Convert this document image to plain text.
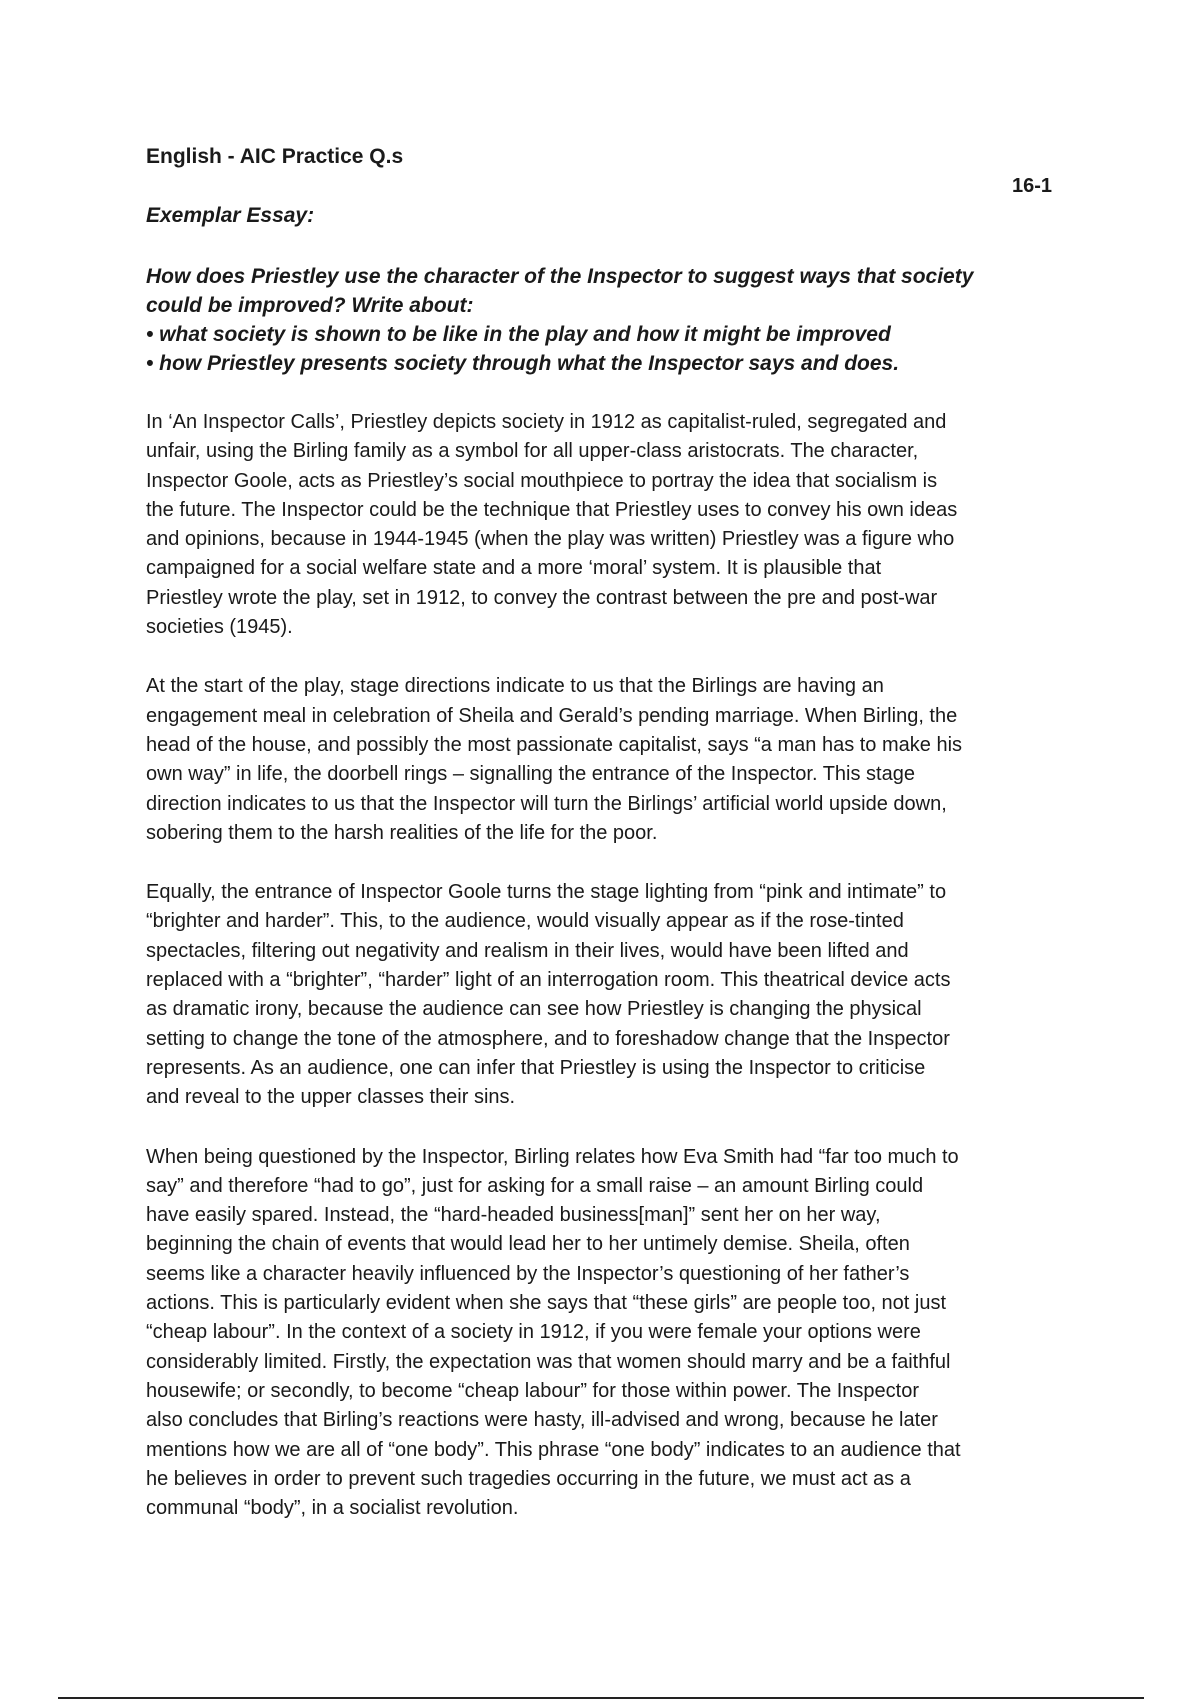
English - AIC Practice Q.s
16-1
Exemplar Essay:
How does Priestley use the character of the Inspector to suggest ways that society
could be improved? Write about:
• what society is shown to be like in the play and how it might be improved
• how Priestley presents society through what the Inspector says and does.

In ‘An Inspector Calls’, Priestley depicts society in 1912 as capitalist-ruled, segregated and
unfair, using the Birling family as a symbol for all upper-class aristocrats. The character,
Inspector Goole, acts as Priestley’s social mouthpiece to portray the idea that socialism is
the future. The Inspector could be the technique that Priestley uses to convey his own ideas
and opinions, because in 1944-1945 (when the play was written) Priestley was a figure who
campaigned for a social welfare state and a more ‘moral’ system. It is plausible that
Priestley wrote the play, set in 1912, to convey the contrast between the pre and post-war
societies (1945).

At the start of the play, stage directions indicate to us that the Birlings are having an
engagement meal in celebration of Sheila and Gerald’s pending marriage. When Birling, the
head of the house, and possibly the most passionate capitalist, says “a man has to make his
own way” in life, the doorbell rings – signalling the entrance of the Inspector. This stage
direction indicates to us that the Inspector will turn the Birlings’ artificial world upside down,
sobering them to the harsh realities of the life for the poor.

Equally, the entrance of Inspector Goole turns the stage lighting from “pink and intimate” to
“brighter and harder”. This, to the audience, would visually appear as if the rose-tinted
spectacles, filtering out negativity and realism in their lives, would have been lifted and
replaced with a “brighter”, “harder” light of an interrogation room. This theatrical device acts
as dramatic irony, because the audience can see how Priestley is changing the physical
setting to change the tone of the atmosphere, and to foreshadow change that the Inspector
represents. As an audience, one can infer that Priestley is using the Inspector to criticise
and reveal to the upper classes their sins.

When being questioned by the Inspector, Birling relates how Eva Smith had “far too much to
say” and therefore “had to go”, just for asking for a small raise – an amount Birling could
have easily spared. Instead, the “hard-headed business[man]” sent her on her way,
beginning the chain of events that would lead her to her untimely demise. Sheila, often
seems like a character heavily influenced by the Inspector’s questioning of her father’s
actions. This is particularly evident when she says that “these girls” are people too, not just
“cheap labour”. In the context of a society in 1912, if you were female your options were
considerably limited. Firstly, the expectation was that women should marry and be a faithful
housewife; or secondly, to become “cheap labour” for those within power. The Inspector
also concludes that Birling’s reactions were hasty, ill-advised and wrong, because he later
mentions how we are all of “one body”. This phrase “one body” indicates to an audience that
he believes in order to prevent such tragedies occurring in the future, we must act as a
communal “body”, in a socialist revolution.
